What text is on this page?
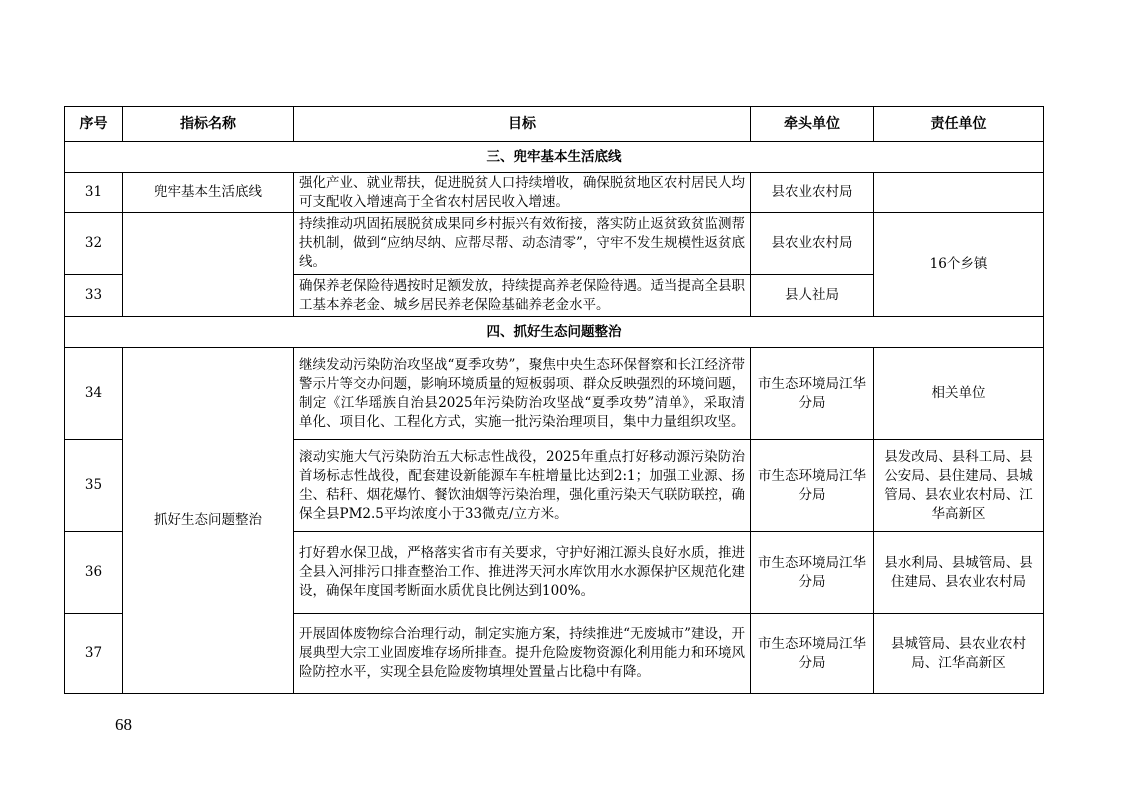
序号	指标名称	目标	牵头单位	责任单位
三、兜牢基本生活底线				
31	兜牢基本生活底线	强化产业、就业帮扶，促进脱贫人口持续增收，确保脱贫地区农村居民人均可支配收入增速高于全省农村居民收入增速。	县农业农村局	
32		持续推动巩固拓展脱贫成果同乡村振兴有效衔接，落实防止返贫致贫监测帮扶机制，做到“应纳尽纳、应帮尽帮、动态清零”，守牢不发生规模性返贫底线。	县农业农村局	16个乡镇
33		确保养老保险待遇按时足额发放，持续提高养老保险待遇。适当提高全县职工基本养老金、城乡居民养老保险基础养老金水平。	县人社局	
四、抓好生态问题整治				
34	抓好生态问题整治	继续发动污染防治攻坚战“夏季攻势”，聚焦中央生态环保督察和长江经济带警示片等交办问题，影响环境质量的短板弱项、群众反映强烈的环境问题，制定《江华瑶族自治县2025年污染防治攻坚战“夏季攻势”清单》，采取清单化、项目化、工程化方式，实施一批污染治理项目，集中力量组织攻坚。	市生态环境局江华分局	相关单位
35		滚动实施大气污染防治五大标志性战役，2025年重点打好移动源污染防治首场标志性战役，配套建设新能源车车桩增量比达到2:1；加强工业源、扬尘、秸秆、烟花爆竹、餐饮油烟等污染治理，强化重污染天气联防联控，确保全县PM2.5平均浓度小于33微克/立方米。	市生态环境局江华分局	县发改局、县科工局、县公安局、县住建局、县城管局、县农业农村局、江华高新区
36		打好碧水保卫战，严格落实省市有关要求，守护好湘江源头良好水质，推进全县入河排污口排查整治工作、推进涔天河水库饮用水水源保护区规范化建设，确保年度国考断面水质优良比例达到100%。	市生态环境局江华分局	县水利局、县城管局、县住建局、县农业农村局
37		开展固体废物综合治理行动，制定实施方案，持续推进“无废城市”建设，开展典型大宗工业固废堆存场所排查。提升危险废物资源化利用能力和环境风险防控水平，实现全县危险废物填埋处置量占比稳中有降。	市生态环境局江华分局	县城管局、县农业农村局、江华高新区
68
